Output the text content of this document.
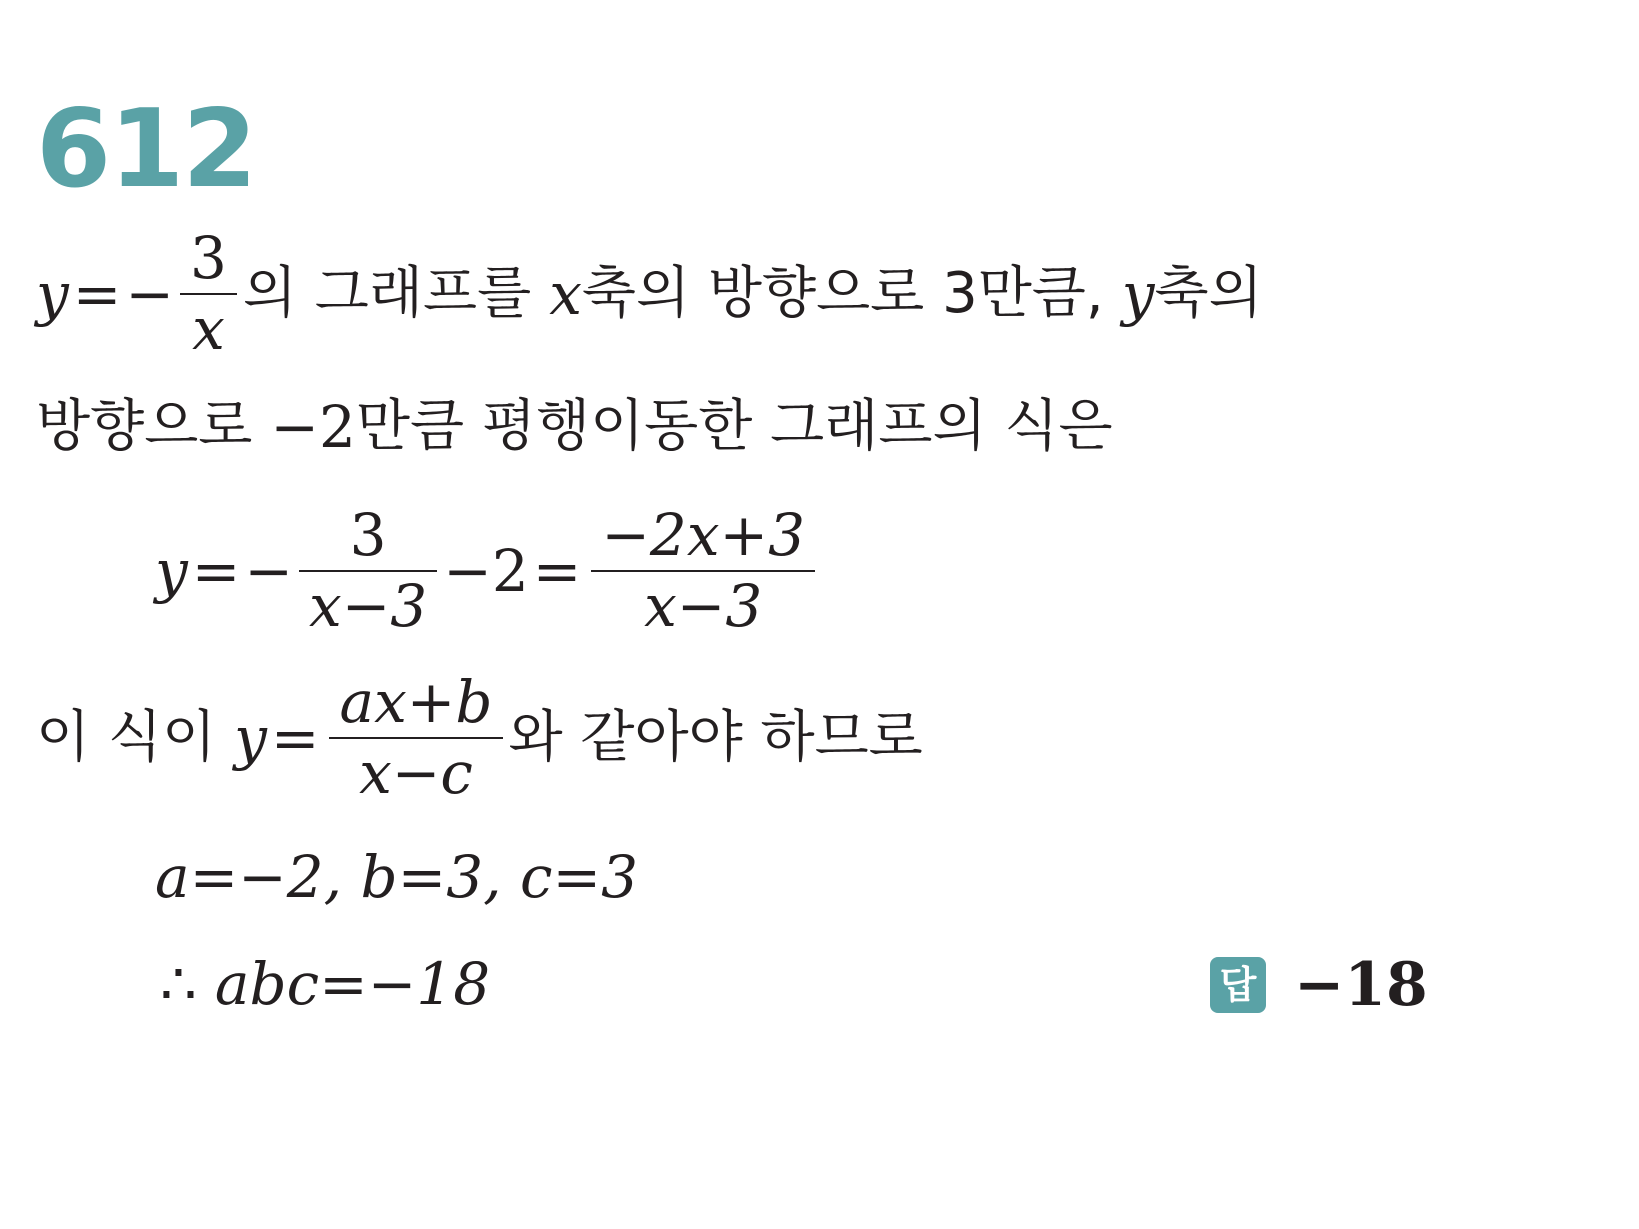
612
y = − $\frac{3}{x}$ 의 그래프를 x 축의 방향으로 3만큼, y 축의
방향으로 −2 만큼 평행이동한 그래프의 식은
y = − $\frac{3}{x-3} -2 = \frac{-2x+3}{x-3}$
이 식이 $y = \frac{ax+b}{x-c}$ 와 같아야 하므로
a=−2, b=3, c=3
∴ abc=−18	답 −18
